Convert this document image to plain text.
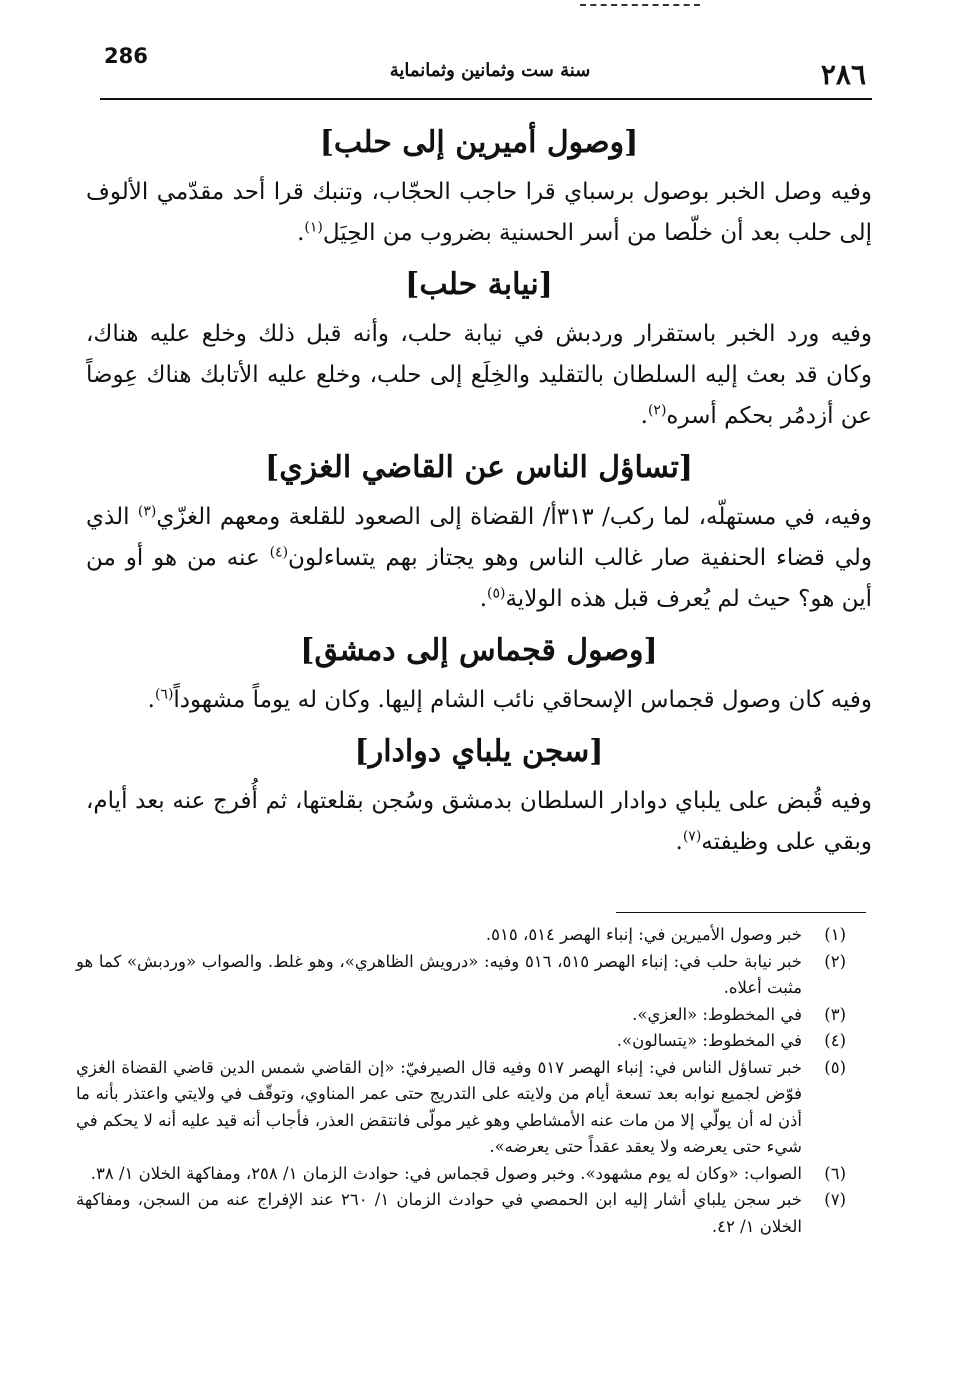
286
سنة ست وثمانين وثمانماية	٢٨٦
[وصول أميرين إلى حلب]

وفيه وصل الخبر بوصول برسباي قرا حاجب الحجّاب، وتنبك قرا أحد مقدّمي الألوف إلى حلب بعد أن خلّصا من أسر الحسنية بضروب من الحِيَل$^{(١)}$.

[نيابة حلب]

وفيه ورد الخبر باستقرار وردبش في نيابة حلب، وأنه قبل ذلك وخلع عليه هناك، وكان قد بعث إليه السلطان بالتقليد والخِلَع إلى حلب، وخلع عليه الأتابك هناك عِوضاً عن أزدمُر بحكم أسره$^{(٢)}$.

[تساؤل الناس عن القاضي الغزي]

وفيه، في مستهلّه، لما ركب/ ٣١٣أ/ القضاة إلى الصعود للقلعة ومعهم الغزّي$^{(٣)}$ الذي ولي قضاء الحنفية صار غالب الناس وهو يجتاز بهم يتساءلون$^{(٤)}$ عنه من هو أو من أين هو؟ حيث لم يُعرف قبل هذه الولاية$^{(٥)}$.

[وصول قجماس إلى دمشق]

وفيه كان وصول قجماس الإسحاقي نائب الشام إليها. وكان له يوماً مشهوداً$^{(٦)}$.

[سجن يلباي دوادار]

وفيه قُبض على يلباي دوادار السلطان بدمشق وسُجن بقلعتها، ثم أُفرج عنه بعد أيام، وبقي على وظيفته$^{(٧)}$.

(١)
خبر وصول الأميرين في: إنباء الهصر ٥١٤، ٥١٥.
(٢)
خبر نيابة حلب في: إنباء الهصر ٥١٥، ٥١٦ وفيه: «درويش الظاهري»، وهو غلط. والصواب «وردبش» كما هو مثبت أعلاه.
(٣)
في المخطوط: «العزي».
(٤)
في المخطوط: «يتسالون».
(٥)
خبر تساؤل الناس في: إنباء الهصر ٥١٧ وفيه قال الصيرفيّ: «إن القاضي شمس الدين قاضي القضاة الغزي فوّض لجميع نوابه بعد تسعة أيام من ولايته على التدريج حتى عمر المناوي، وتوقّف في ولايتي واعتذر بأنه ما أذن له أن يولّي إلا من مات عنه الأمشاطي وهو غير مولّى فانتقض العذر، فأجاب أنه قيد عليه أنه لا يحكم في شيء حتى يعرضه ولا يعقد عقداً حتى يعرضه».
(٦)
الصواب: «وكان له يوم مشهود». وخبر وصول قجماس في: حوادث الزمان ١/ ٢٥٨، ومفاكهة الخلان ١/ ٣٨.
(٧)
خبر سجن يلباي أشار إليه ابن الحمصي في حوادث الزمان ١/ ٢٦٠ عند الإفراج عنه من السجن، ومفاكهة الخلان ١/ ٤٢.
